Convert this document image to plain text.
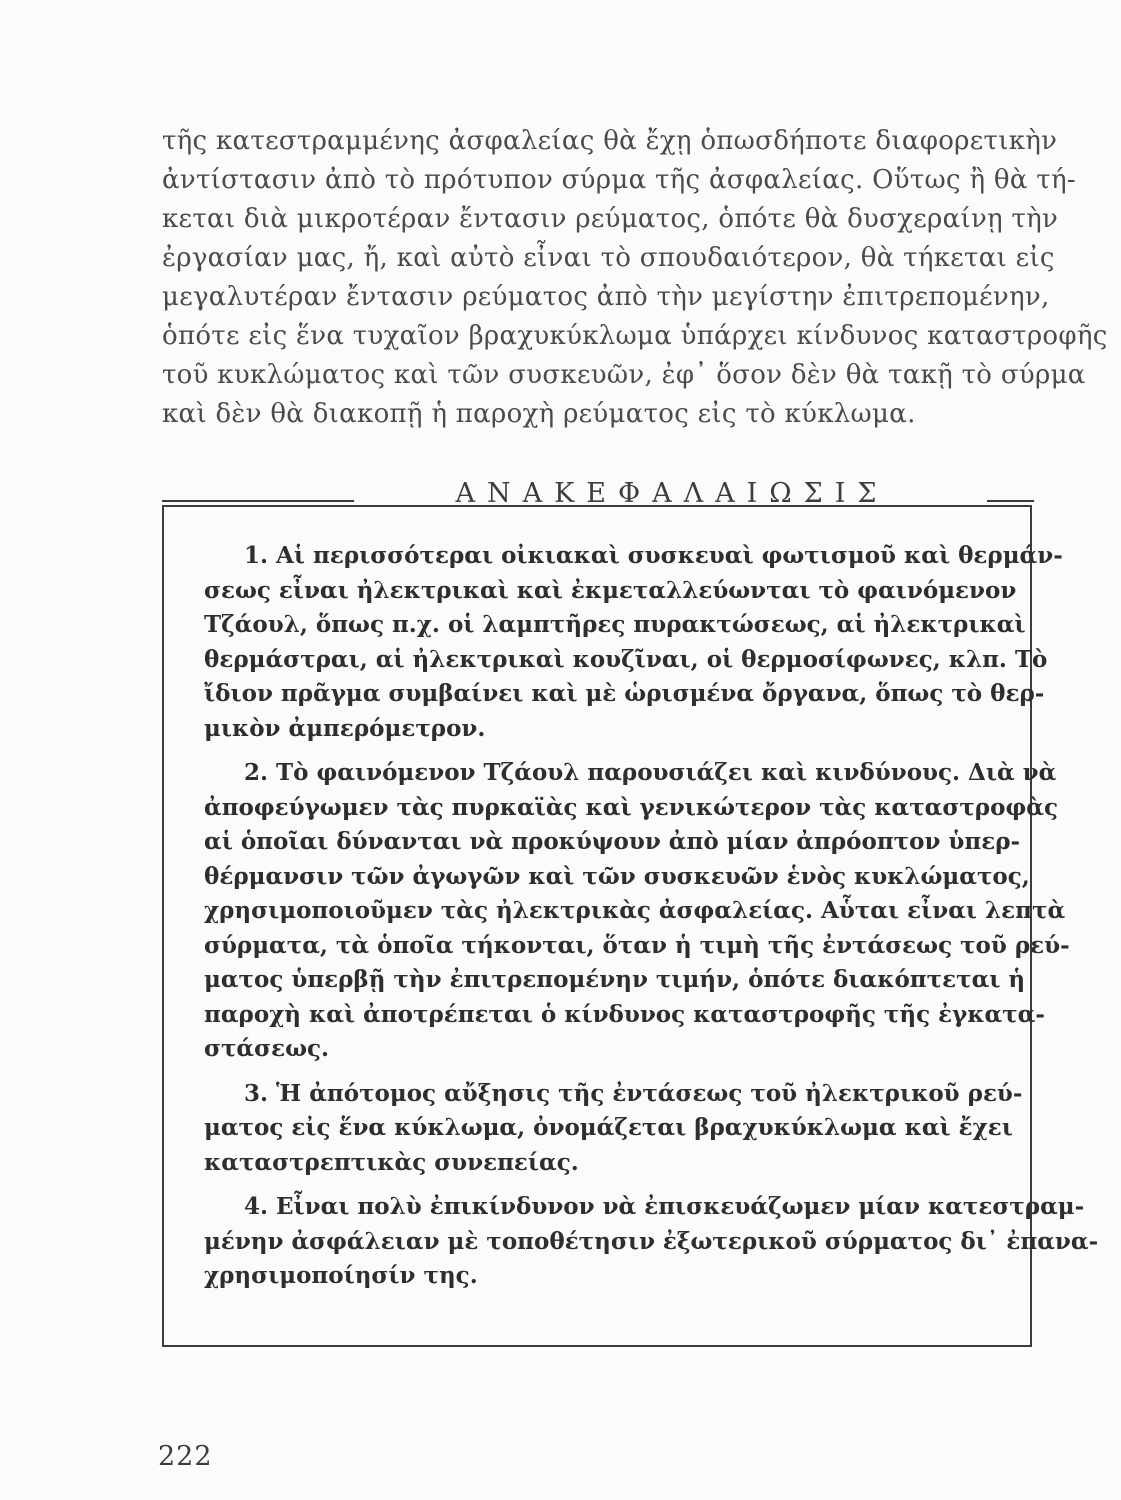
τῆς κατεστραμμένης ἀσφαλείας θὰ ἔχῃ ὁπωσδήποτε διαφορετικὴν
ἀντίστασιν ἀπὸ τὸ πρότυπον σύρμα τῆς ἀσφαλείας. Οὕτως ἢ θὰ τή-
κεται διὰ μικροτέραν ἔντασιν ρεύματος, ὁπότε θὰ δυσχεραίνῃ τὴν
ἐργασίαν μας, ἤ, καὶ αὐτὸ εἶναι τὸ σπουδαιότερον, θὰ τήκεται εἰς
μεγαλυτέραν ἔντασιν ρεύματος ἀπὸ τὴν μεγίστην ἐπιτρεπομένην,
ὁπότε εἰς ἕνα τυχαῖον βραχυκύκλωμα ὑπάρχει κίνδυνος καταστροφῆς
τοῦ κυκλώματος καὶ τῶν συσκευῶν, ἐφ᾽ ὅσον δὲν θὰ τακῇ τὸ σύρμα
καὶ δὲν θὰ διακοπῇ ἡ παροχὴ ρεύματος εἰς τὸ κύκλωμα.
ΑΝΑΚΕΦΑΛΑΙΩΣΙΣ
1. Αἱ περισσότεραι οἰκιακαὶ συσκευαὶ φωτισμοῦ καὶ θερμάν-
σεως εἶναι ἠλεκτρικαὶ καὶ ἐκμεταλλεύωνται τὸ φαινόμενον
Τζάουλ, ὅπως π.χ. οἱ λαμπτῆρες πυρακτώσεως, αἱ ἠλεκτρικαὶ
θερμάστραι, αἱ ἠλεκτρικαὶ κουζῖναι, οἱ θερμοσίφωνες, κλπ. Τὸ
ἴδιον πρᾶγμα συμβαίνει καὶ μὲ ὡρισμένα ὄργανα, ὅπως τὸ θερ-
μικὸν ἀμπερόμετρον.
2. Τὸ φαινόμενον Τζάουλ παρουσιάζει καὶ κινδύνους. Διὰ νὰ
ἀποφεύγωμεν τὰς πυρκαϊὰς καὶ γενικώτερον τὰς καταστροφὰς
αἱ ὁποῖαι δύνανται νὰ προκύψουν ἀπὸ μίαν ἀπρόοπτον ὑπερ-
θέρμανσιν τῶν ἀγωγῶν καὶ τῶν συσκευῶν ἑνὸς κυκλώματος,
χρησιμοποιοῦμεν τὰς ἠλεκτρικὰς ἀσφαλείας. Αὗται εἶναι λεπτὰ
σύρματα, τὰ ὁποῖα τήκονται, ὅταν ἡ τιμὴ τῆς ἐντάσεως τοῦ ρεύ-
ματος ὑπερβῇ τὴν ἐπιτρεπομένην τιμήν, ὁπότε διακόπτεται ἡ
παροχὴ καὶ ἀποτρέπεται ὁ κίνδυνος καταστροφῆς τῆς ἐγκατα-
στάσεως.
3. Ἡ ἀπότομος αὔξησις τῆς ἐντάσεως τοῦ ἠλεκτρικοῦ ρεύ-
ματος εἰς ἕνα κύκλωμα, ὀνομάζεται βραχυκύκλωμα καὶ ἔχει
καταστρεπτικὰς συνεπείας.
4. Εἶναι πολὺ ἐπικίνδυνον νὰ ἐπισκευάζωμεν μίαν κατεστραμ-
μένην ἀσφάλειαν μὲ τοποθέτησιν ἐξωτερικοῦ σύρματος δι᾽ ἐπανα-
χρησιμοποίησίν της.
222
